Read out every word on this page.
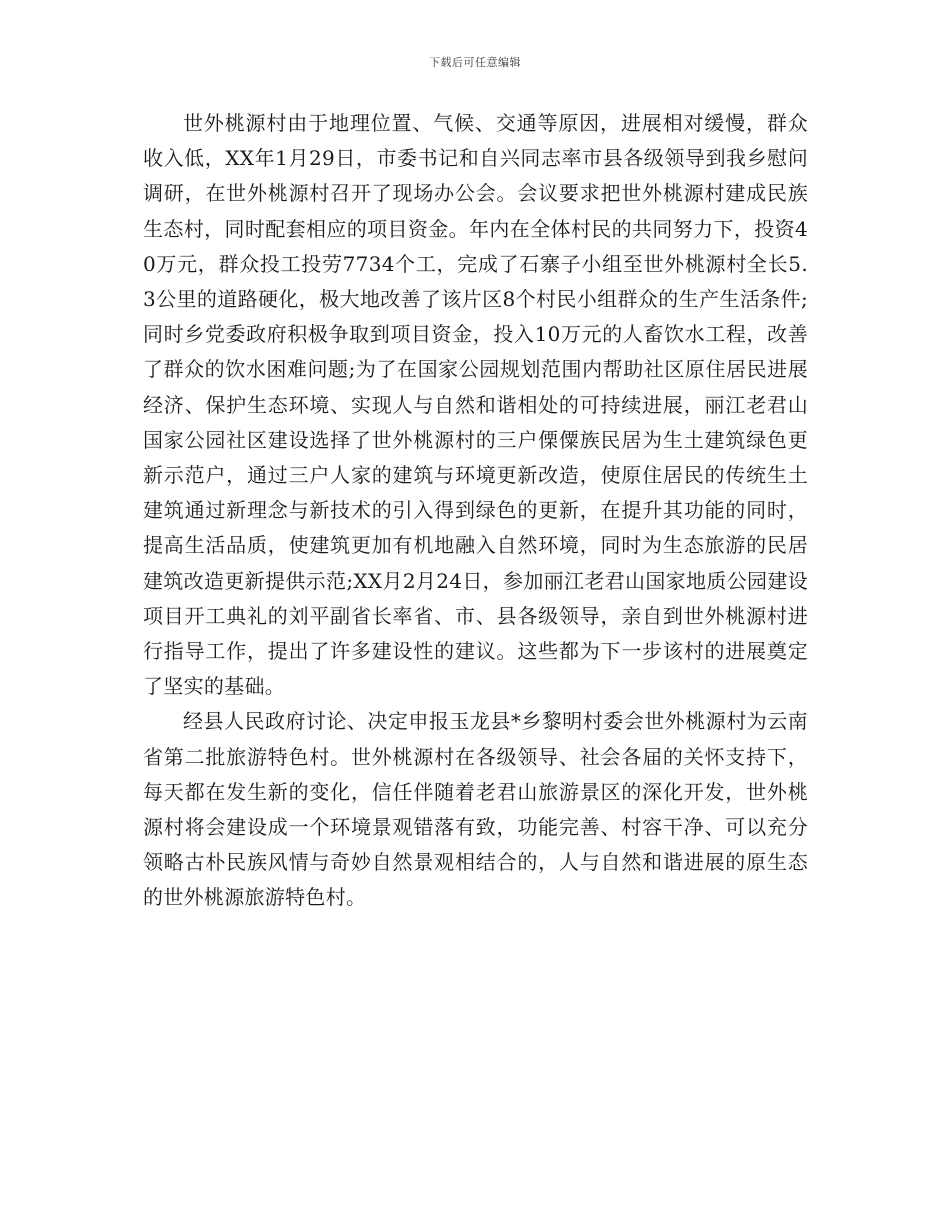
下载后可任意编辑

世外桃源村由于地理位置、气候、交通等原因，进展相对缓慢，群众收入低，XX年1月29日，市委书记和自兴同志率市县各级领导到我乡慰问调研，在世外桃源村召开了现场办公会。会议要求把世外桃源村建成民族生态村，同时配套相应的项目资金。年内在全体村民的共同努力下，投资40万元，群众投工投劳7734个工，完成了石寨子小组至世外桃源村全长5.3公里的道路硬化，极大地改善了该片区8个村民小组群众的生产生活条件;同时乡党委政府积极争取到项目资金，投入10万元的人畜饮水工程，改善了群众的饮水困难问题;为了在国家公园规划范围内帮助社区原住居民进展经济、保护生态环境、实现人与自然和谐相处的可持续进展，丽江老君山国家公园社区建设选择了世外桃源村的三户傈僳族民居为生土建筑绿色更新示范户，通过三户人家的建筑与环境更新改造，使原住居民的传统生土建筑通过新理念与新技术的引入得到绿色的更新，在提升其功能的同时，提高生活品质，使建筑更加有机地融入自然环境，同时为生态旅游的民居建筑改造更新提供示范;XX月2月24日，参加丽江老君山国家地质公园建设项目开工典礼的刘平副省长率省、市、县各级领导，亲自到世外桃源村进行指导工作，提出了许多建设性的建议。这些都为下一步该村的进展奠定了坚实的基础。

经县人民政府讨论、决定申报玉龙县*乡黎明村委会世外桃源村为云南省第二批旅游特色村。世外桃源村在各级领导、社会各届的关怀支持下，每天都在发生新的变化，信任伴随着老君山旅游景区的深化开发，世外桃源村将会建设成一个环境景观错落有致，功能完善、村容干净、可以充分领略古朴民族风情与奇妙自然景观相结合的，人与自然和谐进展的原生态的世外桃源旅游特色村。
